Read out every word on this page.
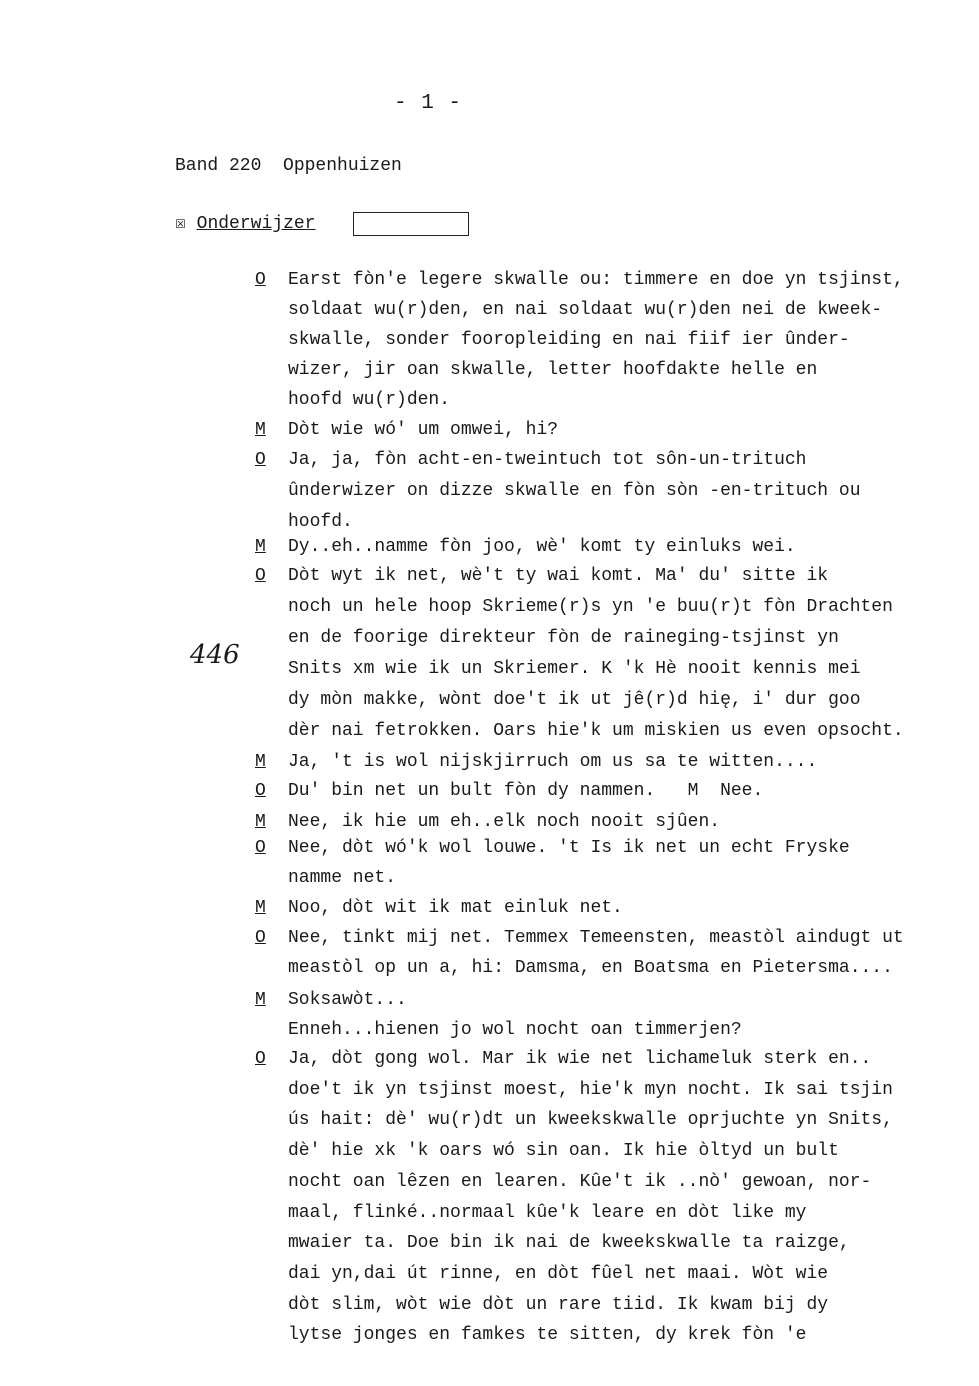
- 1 -
Band 220  Oppenhuizen
☒ Onderwijzer
446
O Earst fòn'e legere skwalle ou: timmere en doe yn tsjinst,
soldaat wu(r)den, en nai soldaat wu(r)den nei de kweek-
skwalle, sonder fooropleiding en nai fiif ier ûnder-
wizer, jir oan skwalle, letter hoofdakte helle en
hoofd wu(r)den.
M Dòt wie wó' um omwei, hi?
O Ja, ja, fòn acht-en-tweintuch tot sôn-un-trituch
ûnderwizer on dizze skwalle en fòn sòn -en-trituch ou
hoofd.
M Dy..eh..namme fòn joo, wè' komt ty einluks wei.
O Dòt wyt ik net, wè't ty wai komt. Ma' du' sitte ik
noch un hele hoop Skrieme(r)s yn 'e buu(r)t fòn Drachten
en de foorige direkteur fòn de raineging-tsjinst yn
Snits xm wie ik un Skriemer. K 'k Hè nooit kennis mei
dy mòn makke, wònt doe't ik ut jê(r)d hię, i' dur goo
dèr nai fetrokken. Oars hie'k um miskien us even opsocht.
M Ja, 't is wol nijskjirruch om us sa te witten....
O Du' bin net un bult fòn dy nammen.   M  Nee.
M Nee, ik hie um eh..elk noch nooit sjûen.
O Nee, dòt wó'k wol louwe. 't Is ik net un echt Fryske
namme net.
M Noo, dòt wit ik mat einluk net.
O Nee, tinkt mij net. Temmex Temeensten, meastòl aindugt ut
meastòl op un a, hi: Damsma, en Boatsma en Pietersma....
M Soksawòt...
Enneh...hienen jo wol nocht oan timmerjen?
O Ja, dòt gong wol. Mar ik wie net lichameluk sterk en..
doe't ik yn tsjinst moest, hie'k myn nocht. Ik sai tsjin
ús hait: dè' wu(r)dt un kweekskwalle oprjuchte yn Snits,
dè' hie xk 'k oars wó sin oan. Ik hie òltyd un bult
nocht oan lêzen en learen. Kûe't ik ..nò' gewoan, nor-
maal, flinké..normaal kûe'k leare en dòt like my
mwaier ta. Doe bin ik nai de kweekskwalle ta raizge,
dai yn,dai út rinne, en dòt fûel net maai. Wòt wie
dòt slim, wòt wie dòt un rare tiid. Ik kwam bij dy
lytse jonges en famkes te sitten, dy krek fòn 'e
